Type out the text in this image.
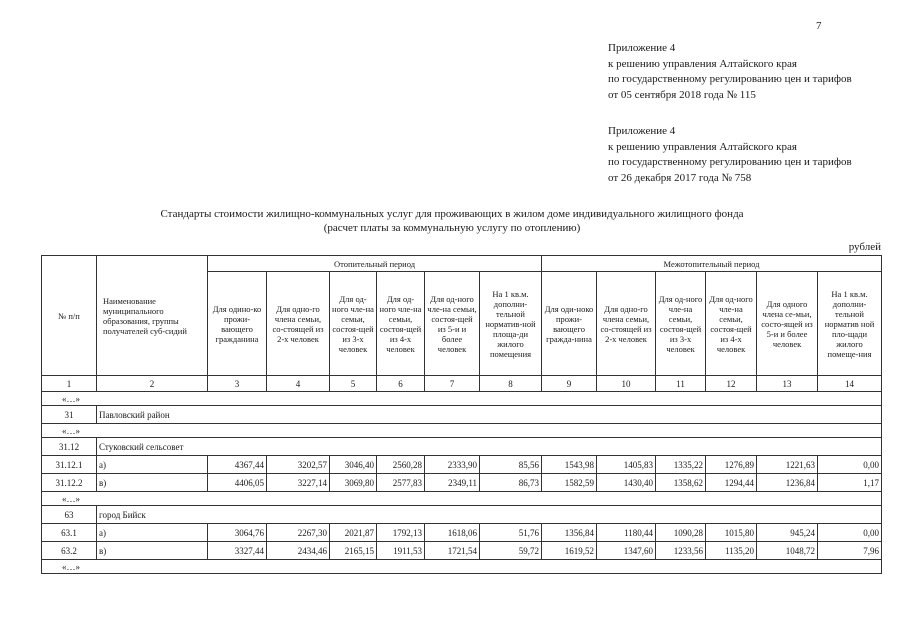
7
Приложение 4
к решению управления Алтайского края
по государственному регулированию цен и тарифов
от 05 сентября 2018 года № 115
Приложение 4
к решению управления Алтайского края
по государственному регулированию цен и тарифов
от 26 декабря 2017 года № 758
Стандарты стоимости жилищно-коммунальных услуг для проживающих в жилом доме индивидуального жилищного фонда
(расчет платы за коммунальную услугу по отоплению)
рублей
№ п/п	Наименование муниципального образования, группы получателей суб-сидий	Отопительный период						Межотопительный период					
		Для одино-ко прожи-вающего гражданина	Для одно-го члена семьи, со-стоящей из 2-х человек	Для од-ного чле-на семьи, состоя-щей из 3-х человек	Для од-ного чле-на семьи, состоя-щей из 4-х человек	Для од-ного чле-на семьи, состоя-щей из 5-и и более человек	На 1 кв.м. дополни-тельной норматив-ной площа-ди жилого помещения	Для оди-ноко прожи-вающего гражда-нина	Для одно-го члена семьи, со-стоящей из 2-х человек	Для од-ного чле-на семьи, состоя-щей из 3-х человек	Для од-ного чле-на семьи, состоя-щей из 4-х человек	Для одного члена се-мьи, состо-ящей из 5-и и более человек	На 1 кв.м. дополни-тельной норматив ной пло-щади жилого помеще-ния
1	2	3	4	5	6	7	8	9	10	11	12	13	14
«…»													
31	Павловский район												
«…»													
31.12	Стуковский сельсовет												
31.12.1	а)	4367,44	3202,57	3046,40	2560,28	2333,90	85,56	1543,98	1405,83	1335,22	1276,89	1221,63	0,00
31.12.2	в)	4406,05	3227,14	3069,80	2577,83	2349,11	86,73	1582,59	1430,40	1358,62	1294,44	1236,84	1,17
«…»													
63	город Бийск												
63.1	а)	3064,76	2267,30	2021,87	1792,13	1618,06	51,76	1356,84	1180,44	1090,28	1015,80	945,24	0,00
63.2	в)	3327,44	2434,46	2165,15	1911,53	1721,54	59,72	1619,52	1347,60	1233,56	1135,20	1048,72	7,96
«…»													
